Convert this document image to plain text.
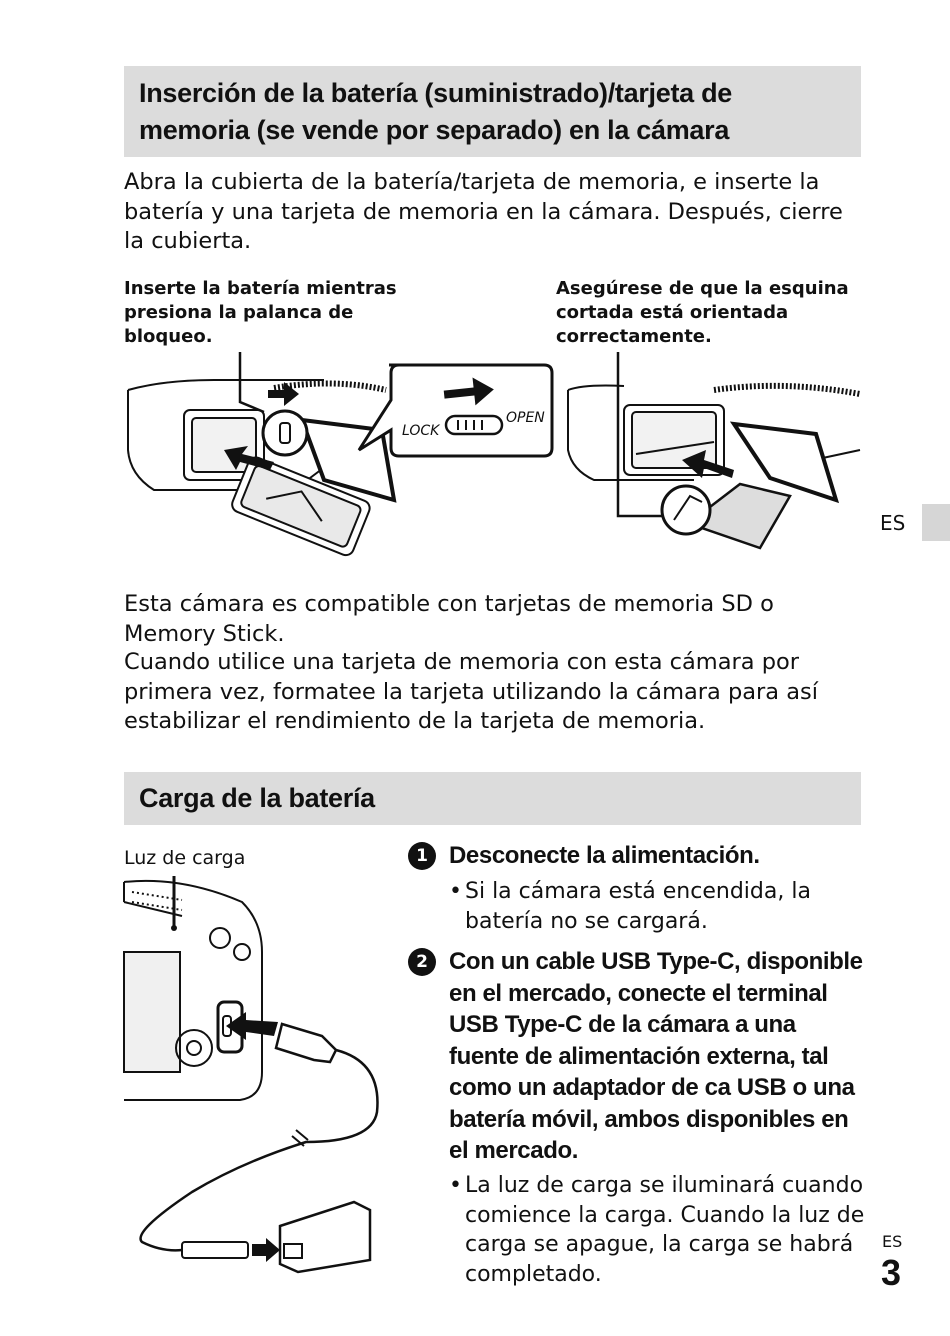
Inserción de la batería (suministrado)/tarjeta de memoria (se vende por separado) en la cámara
Abra la cubierta de la batería/tarjeta de memoria, e inserte la batería y una tarjeta de memoria en la cámara. Después, cierre la cubierta.
Inserte la batería mientras presiona la palanca de bloqueo.
Asegúrese de que la esquina cortada está orientada correctamente.
LOCK
OPEN
ES
Esta cámara es compatible con tarjetas de memoria SD o Memory Stick.
Cuando utilice una tarjeta de memoria con esta cámara por primera vez, formatee la tarjeta utilizando la cámara para así estabilizar el rendimiento de la tarjeta de memoria.
Carga de la batería
Luz de carga	1 Desconecte la alimentación.
• Si la cámara está encendida, la batería no se cargará.
2 Con un cable USB Type-C, disponible en el mercado, conecte el terminal USB Type-C de la cámara a una fuente de alimentación externa, tal como un adaptador de ca USB o una batería móvil, ambos disponibles en el mercado.
• La luz de carga se iluminará cuando comience la carga. Cuando la luz de carga se apague, la carga se habrá completado.
ES
3
